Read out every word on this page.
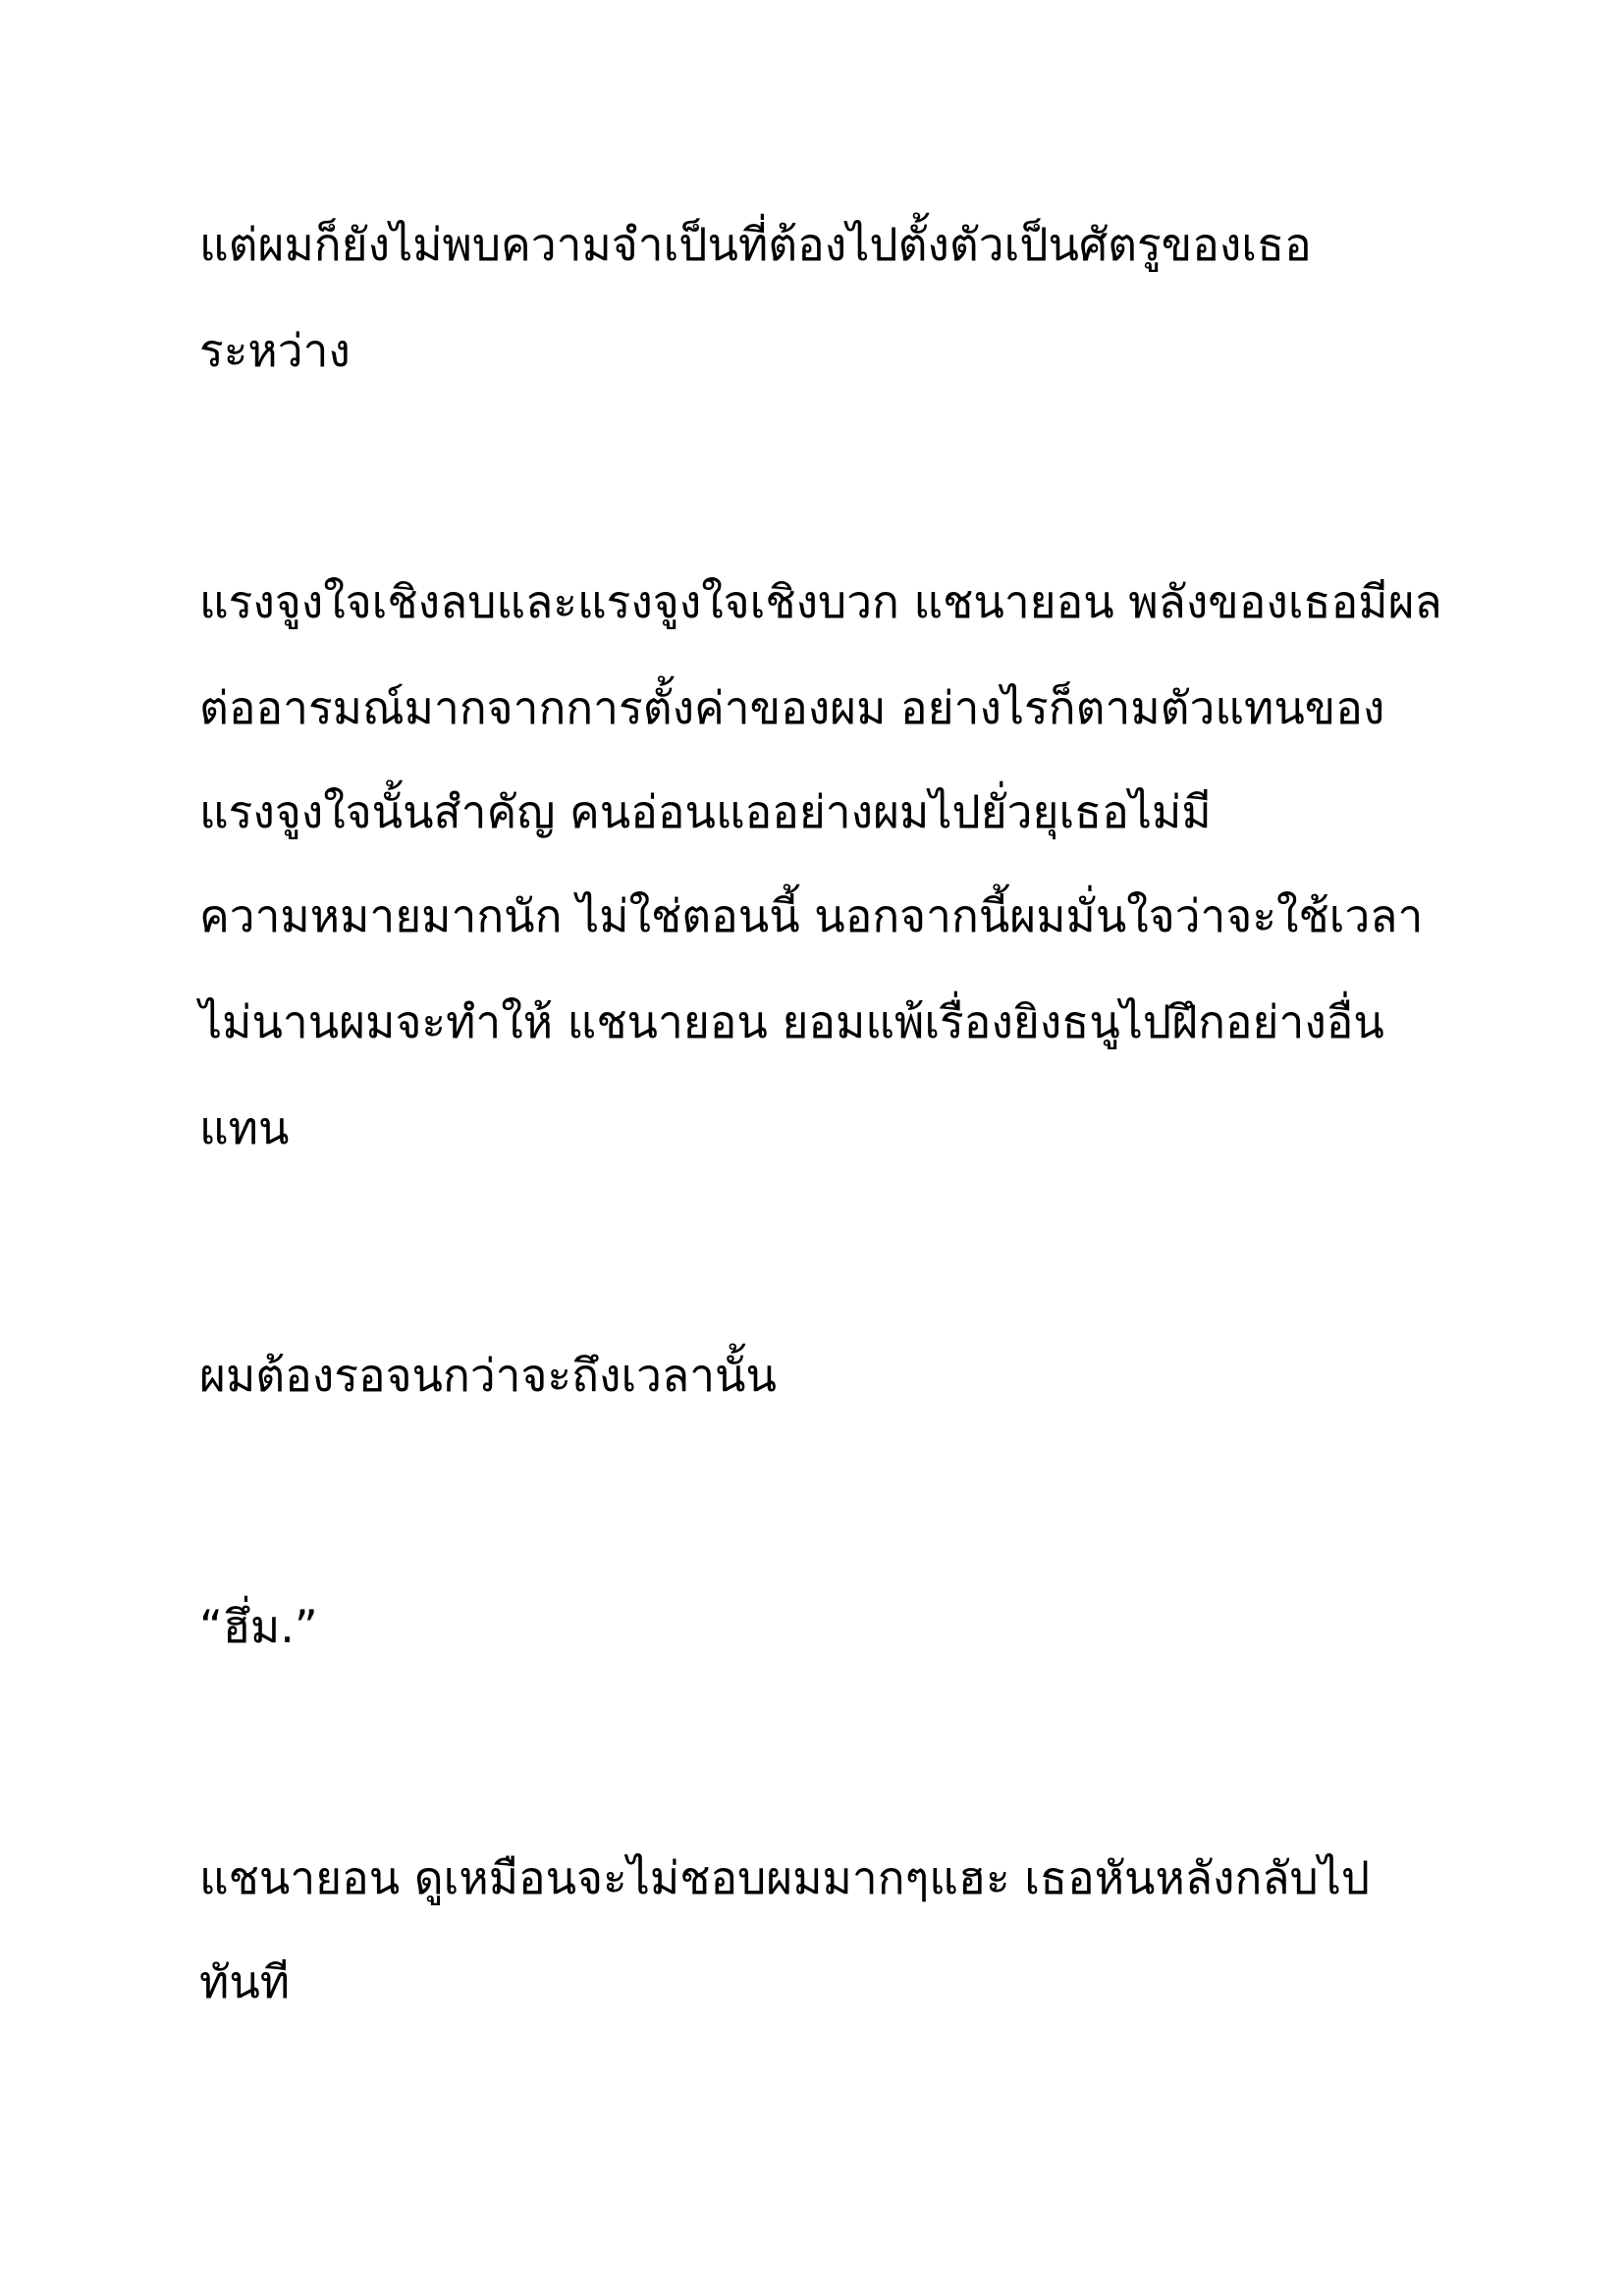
แต่ผมก็ยังไม่พบความจำเป็นที่ต้องไปตั้งตัวเป็นศัตรูของเธอ

ระหว่าง

แรงจูงใจเชิงลบและแรงจูงใจเชิงบวก แชนายอน พลังของเธอมีผล

ต่ออารมณ์มากจากการตั้งค่าของผม อย่างไรก็ตามตัวแทนของ

แรงจูงใจนั้นสำคัญ คนอ่อนแออย่างผมไปยั่วยุเธอไม่มี

ความหมายมากนัก ไม่ใช่ตอนนี้ นอกจากนี้ผมมั่นใจว่าจะใช้เวลา

ไม่นานผมจะทำให้ แชนายอน ยอมแพ้เรื่องยิงธนูไปฝึกอย่างอื่น

แทน

ผมต้องรอจนกว่าจะถึงเวลานั้น

“ฮึ่ม.”

แชนายอน ดูเหมือนจะไม่ชอบผมมากๆแฮะ เธอหันหลังกลับไป

ทันที
